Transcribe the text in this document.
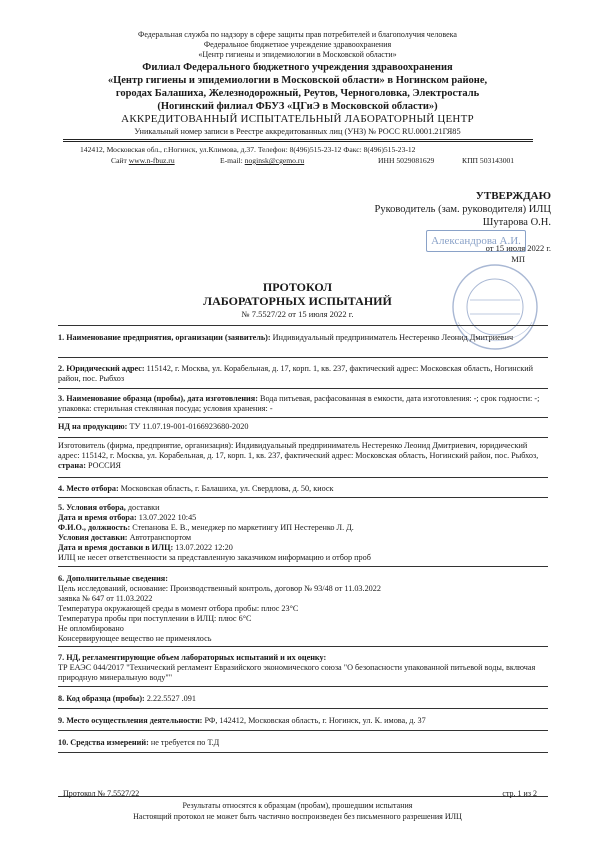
Федеральная служба по надзору в сфере защиты прав потребителей и благополучия человека
Федеральное бюджетное учреждение здравоохранения
«Центр гигиены и эпидемиологии в Московской области»
Филиал Федерального бюджетного учреждения здравоохранения
«Центр гигиены и эпидемиологии в Московской области» в Ногинском районе,
городах Балашиха, Железнодорожный, Реутов, Черноголовка, Электросталь
(Ногинский филиал ФБУЗ «ЦГиЭ в Московской области»)
АККРЕДИТОВАННЫЙ ИСПЫТАТЕЛЬНЫЙ ЛАБОРАТОРНЫЙ ЦЕНТР
Уникальный номер записи в Реестре аккредитованных лиц (УНЗ) № РОСС RU.0001.21ГЯ85
142412, Московская обл., г.Ногинск, ул.Климова, д.37. Телефон: 8(496)515-23-12 Факс: 8(496)515-23-12
Сайт www.n-fbuz.ru	E-mail: noginsk@cgemo.ru	ИНН 5029081629	КПП 503143001
УТВЕРЖДАЮ
Руководитель (зам. руководителя) ИЛЦ
Шутарова О.Н.
от 15 июля 2022 г.
МП
Александрова А.И.
ПРОТОКОЛ
ЛАБОРАТОРНЫХ ИСПЫТАНИЙ
№ 7.5527/22 от 15 июля 2022 г.
1. Наименование предприятия, организации (заявитель): Индивидуальный предприниматель Нестеренко Леонид Дмитриевич
2. Юридический адрес: 115142, г. Москва, ул. Корабельная, д. 17, корп. 1, кв. 237, фактический адрес: Московская область, Ногинский район, пос. Рыбхоз
3. Наименование образца (пробы), дата изготовления: Вода питьевая, расфасованная в емкости, дата изготовления: -; срок годности: -; упаковка: стерильная стеклянная посуда; условия хранения: -
НД на продукцию: ТУ 11.07.19-001-0166923680-2020
Изготовитель (фирма, предприятие, организация): Индивидуальный предприниматель Нестеренко Леонид Дмитриевич, юридический адрес: 115142, г. Москва, ул. Корабельная, д. 17, корп. 1, кв. 237, фактический адрес: Московская область, Ногинский район, пос. Рыбхоз, страна: РОССИЯ
4. Место отбора: Московская область, г. Балашиха, ул. Свердлова, д. 50, киоск
5. Условия отбора, доставки
Дата и время отбора: 13.07.2022 10:45
Ф.И.О., должность: Степанова Е. В., менеджер по маркетингу ИП Нестеренко Л. Д.
Условия доставки: Автотранспортом
Дата и время доставки в ИЛЦ: 13.07.2022 12:20
ИЛЦ не несет ответственности за представленную заказчиком информацию и отбор проб
6. Дополнительные сведения:
Цель исследований, основание: Производственный контроль, договор № 93/48 от 11.03.2022
заявка № 647 от 11.03.2022
Температура окружающей среды в момент отбора пробы: плюс 23°С
Температура пробы при поступлении в ИЛЦ: плюс 6°С
Не опломбировано
Консервирующее вещество не применялось
7. НД, регламентирующие объем лабораторных испытаний и их оценку:
ТР ЕАЭС 044/2017 "Технический регламент Евразийского экономического союза "О безопасности упакованной питьевой воды, включая природную минеральную воду""
8. Код образца (пробы): 2.22.5527 .091
9. Место осуществления деятельности: РФ, 142412, Московская область, г. Ногинск, ул. К. имова, д. 37
10. Средства измерений: не требуется по Т.Д
Протокол № 7.5527/22	стр. 1 из 2
Результаты относятся к образцам (пробам), прошедшим испытания
Настоящий протокол не может быть частично воспроизведен без письменного разрешения ИЛЦ
